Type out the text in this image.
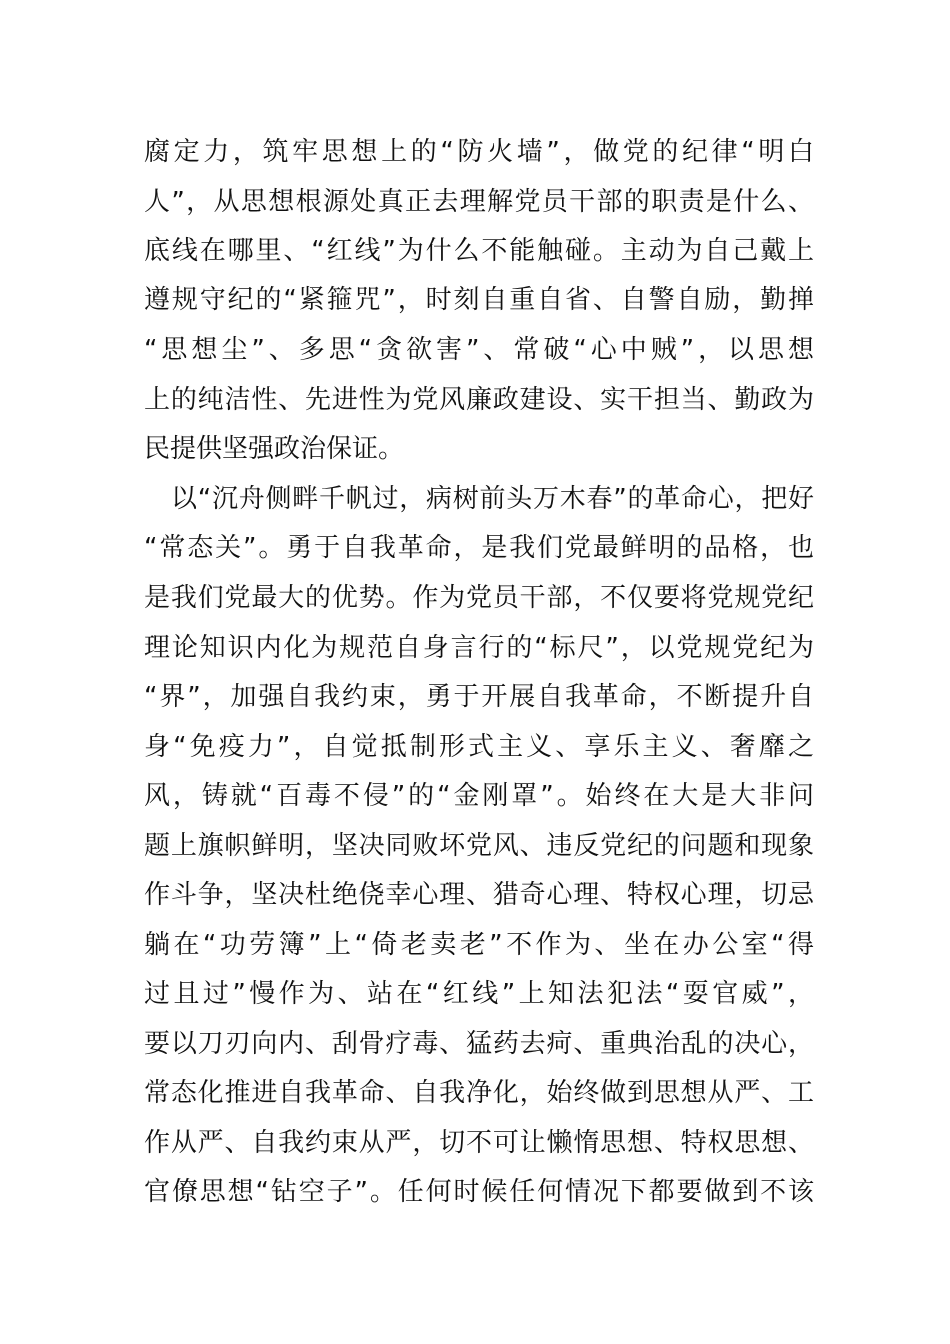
腐定力，筑牢思想上的“防火墙”，做党的纪律“明白

人”，从思想根源处真正去理解党员干部的职责是什么、

底线在哪里、“红线”为什么不能触碰。主动为自己戴上

遵规守纪的“紧箍咒”，时刻自重自省、自警自励，勤掸

“思想尘”、多思“贪欲害”、常破“心中贼”，以思想

上的纯洁性、先进性为党风廉政建设、实干担当、勤政为

民提供坚强政治保证。

以“沉舟侧畔千帆过，病树前头万木春”的革命心，把好

“常态关”。勇于自我革命，是我们党最鲜明的品格，也

是我们党最大的优势。作为党员干部，不仅要将党规党纪

理论知识内化为规范自身言行的“标尺”，以党规党纪为

“界”，加强自我约束，勇于开展自我革命，不断提升自

身“免疫力”，自觉抵制形式主义、享乐主义、奢靡之

风，铸就“百毒不侵”的“金刚罩”。始终在大是大非问

题上旗帜鲜明，坚决同败坏党风、违反党纪的问题和现象

作斗争，坚决杜绝侥幸心理、猎奇心理、特权心理，切忌

躺在“功劳簿”上“倚老卖老”不作为、坐在办公室“得

过且过”慢作为、站在“红线”上知法犯法“耍官威”，

要以刀刃向内、刮骨疗毒、猛药去疴、重典治乱的决心，

常态化推进自我革命、自我净化，始终做到思想从严、工

作从严、自我约束从严，切不可让懒惰思想、特权思想、

官僚思想“钻空子”。任何时候任何情况下都要做到不该
